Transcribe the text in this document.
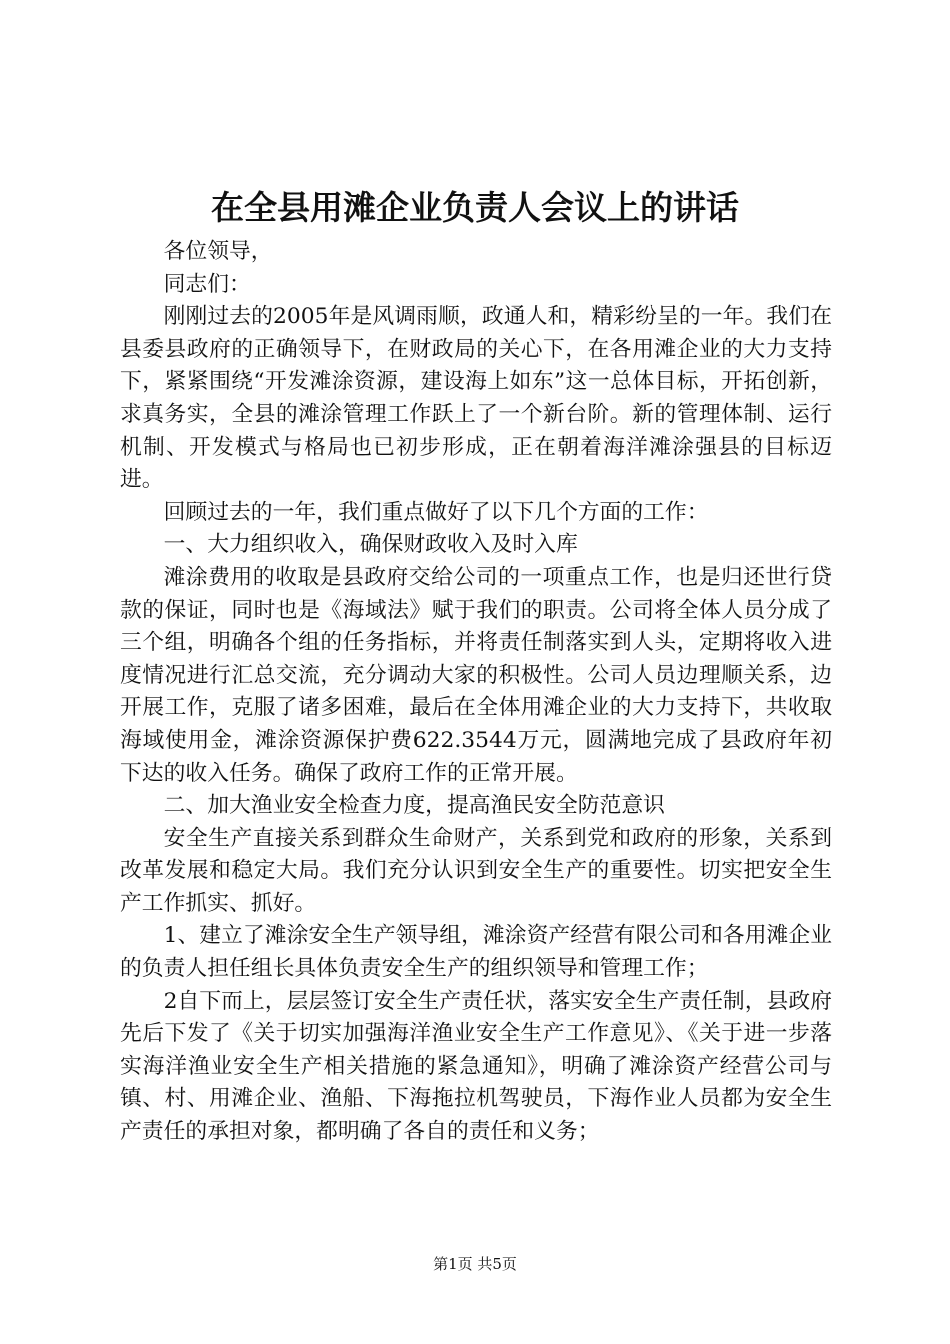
在全县用滩企业负责人会议上的讲话

各位领导，

同志们：

刚刚过去的2005年是风调雨顺，政通人和，精彩纷呈的一年。我们在县委县政府的正确领导下，在财政局的关心下，在各用滩企业的大力支持下，紧紧围绕“开发滩涂资源，建设海上如东”这一总体目标，开拓创新，求真务实，全县的滩涂管理工作跃上了一个新台阶。新的管理体制、运行机制、开发模式与格局也已初步形成，正在朝着海洋滩涂强县的目标迈进。

回顾过去的一年，我们重点做好了以下几个方面的工作：

一、大力组织收入，确保财政收入及时入库

滩涂费用的收取是县政府交给公司的一项重点工作，也是归还世行贷款的保证，同时也是《海域法》赋于我们的职责。公司将全体人员分成了三个组，明确各个组的任务指标，并将责任制落实到人头，定期将收入进度情况进行汇总交流，充分调动大家的积极性。公司人员边理顺关系，边开展工作，克服了诸多困难，最后在全体用滩企业的大力支持下，共收取海域使用金，滩涂资源保护费622.3544万元，圆满地完成了县政府年初下达的收入任务。确保了政府工作的正常开展。

二、加大渔业安全检查力度，提高渔民安全防范意识

安全生产直接关系到群众生命财产，关系到党和政府的形象，关系到改革发展和稳定大局。我们充分认识到安全生产的重要性。切实把安全生产工作抓实、抓好。

1、建立了滩涂安全生产领导组，滩涂资产经营有限公司和各用滩企业的负责人担任组长具体负责安全生产的组织领导和管理工作；

2自下而上，层层签订安全生产责任状，落实安全生产责任制，县政府先后下发了《关于切实加强海洋渔业安全生产工作意见》、《关于进一步落实海洋渔业安全生产相关措施的紧急通知》，明确了滩涂资产经营公司与镇、村、用滩企业、渔船、下海拖拉机驾驶员，下海作业人员都为安全生产责任的承担对象，都明确了各自的责任和义务；

第1页 共5页
